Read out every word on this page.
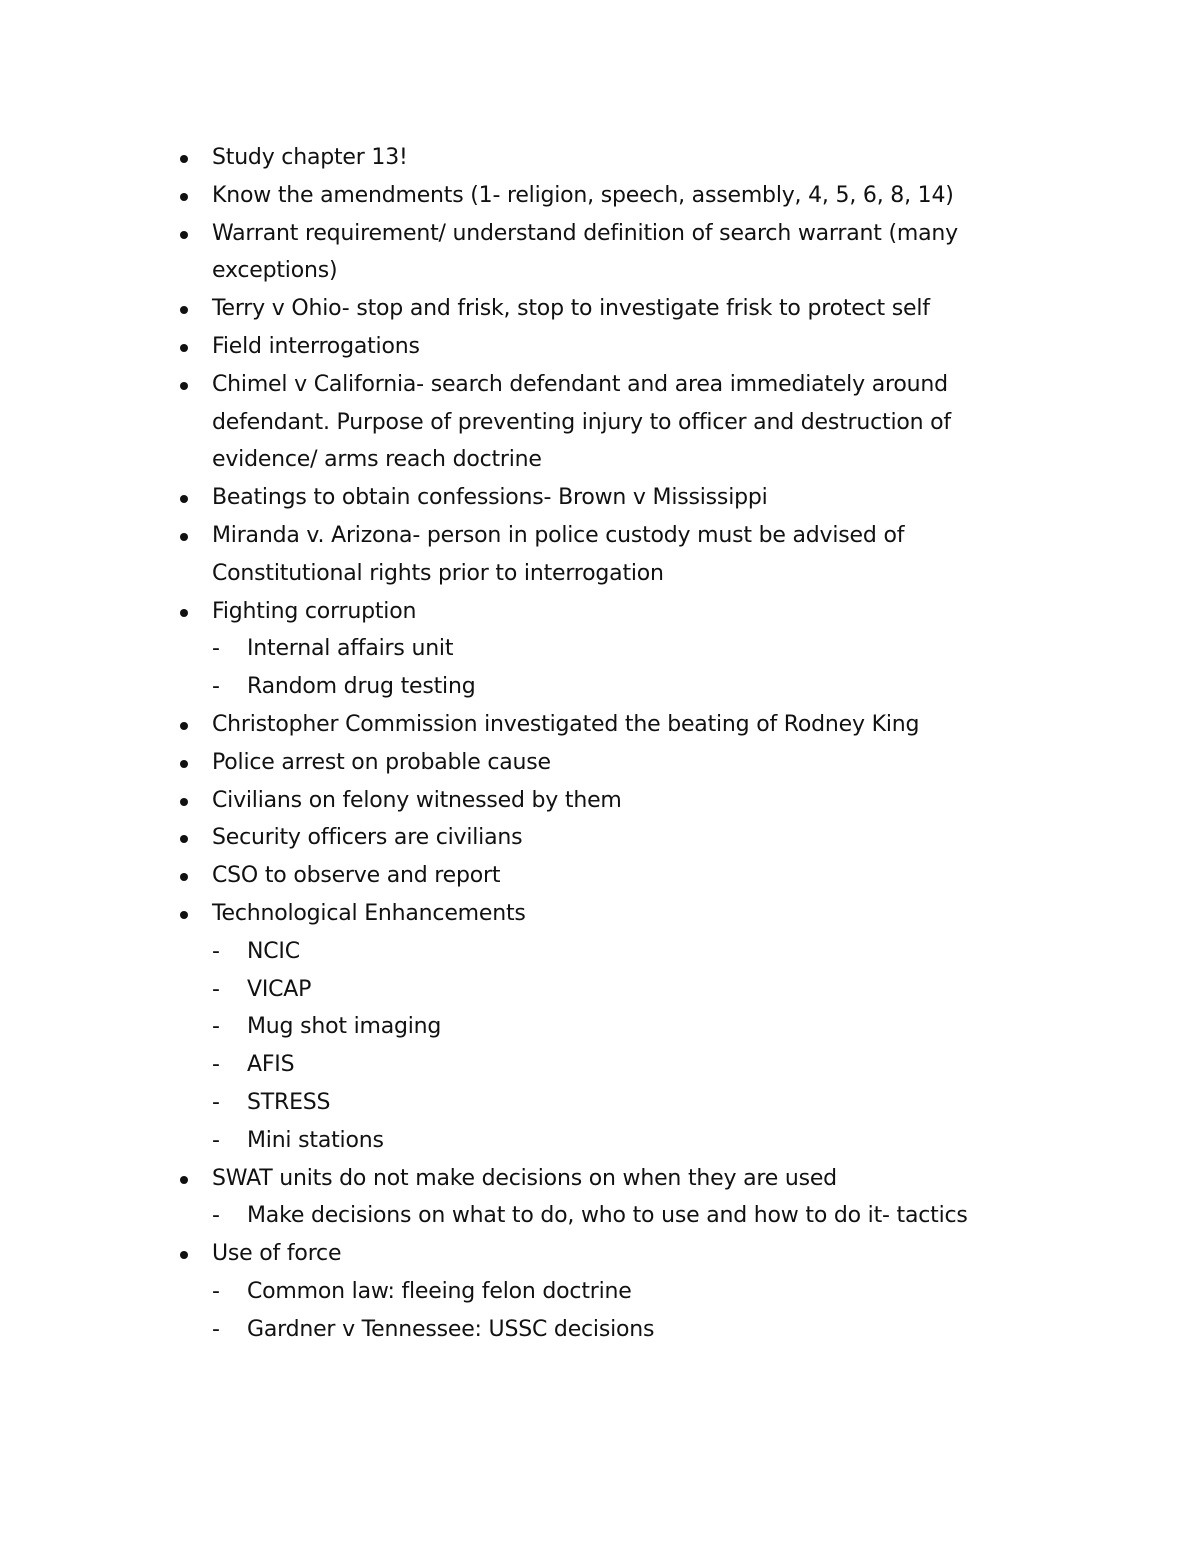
Study chapter 13!
Know the amendments (1- religion, speech, assembly, 4, 5, 6, 8, 14)
Warrant requirement/ understand definition of search warrant (many exceptions)
Terry v Ohio- stop and frisk, stop to investigate frisk to protect self
Field interrogations
Chimel v California- search defendant and area immediately around defendant. Purpose of preventing injury to officer and destruction of evidence/ arms reach doctrine
Beatings to obtain confessions- Brown v Mississippi
Miranda v. Arizona- person in police custody must be advised of Constitutional rights prior to interrogation
Fighting corruption
- Internal affairs unit
- Random drug testing
Christopher Commission investigated the beating of Rodney King
Police arrest on probable cause
Civilians on felony witnessed by them
Security officers are civilians
CSO to observe and report
Technological Enhancements
- NCIC
- VICAP
- Mug shot imaging
- AFIS
- STRESS
- Mini stations
SWAT units do not make decisions on when they are used
- Make decisions on what to do, who to use and how to do it- tactics
Use of force
- Common law: fleeing felon doctrine
- Gardner v Tennessee: USSC decisions
